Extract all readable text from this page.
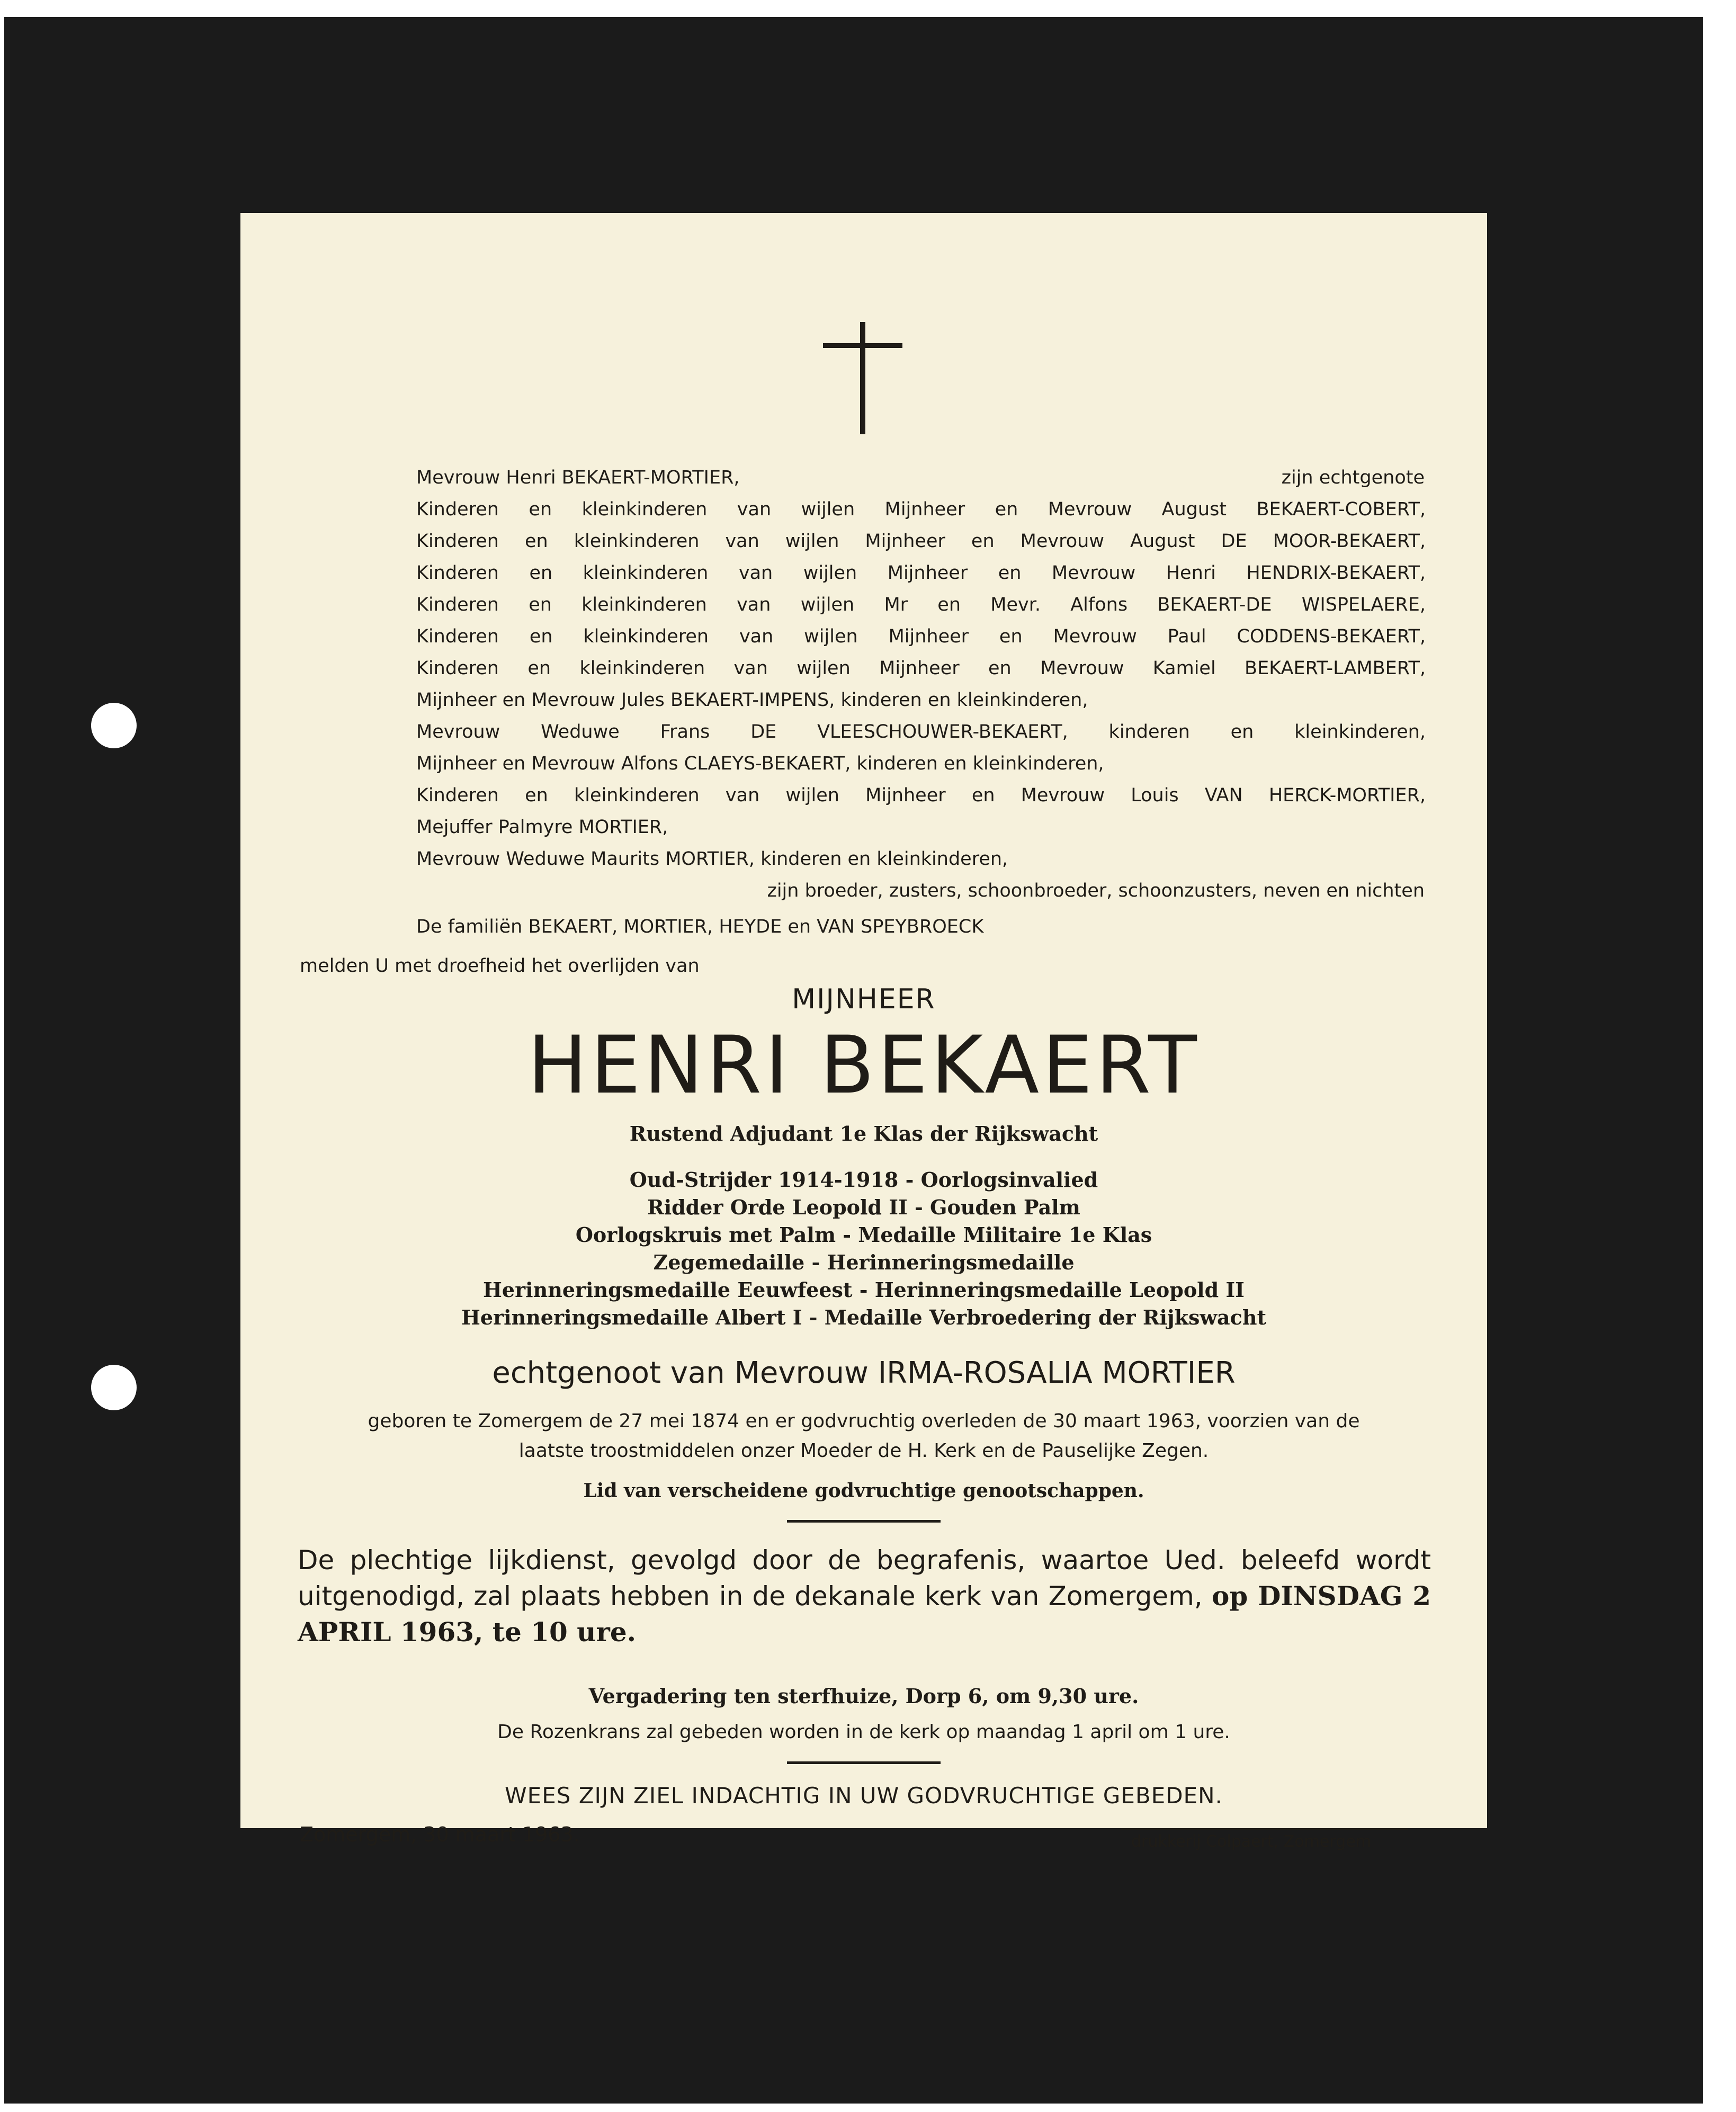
Mevrouw Henri BEKAERT-MORTIER,	zijn echtgenote
Kinderen en kleinkinderen van wijlen Mijnheer en Mevrouw August BEKAERT-COBERT,
Kinderen en kleinkinderen van wijlen Mijnheer en Mevrouw August DE MOOR-BEKAERT,
Kinderen en kleinkinderen van wijlen Mijnheer en Mevrouw Henri HENDRIX-BEKAERT,
Kinderen en kleinkinderen van wijlen Mr en Mevr. Alfons BEKAERT-DE WISPELAERE,
Kinderen en kleinkinderen van wijlen Mijnheer en Mevrouw Paul CODDENS-BEKAERT,
Kinderen en kleinkinderen van wijlen Mijnheer en Mevrouw Kamiel BEKAERT-LAMBERT,
Mijnheer en Mevrouw Jules BEKAERT-IMPENS, kinderen en kleinkinderen,
Mevrouw Weduwe Frans DE VLEESCHOUWER-BEKAERT, kinderen en kleinkinderen,
Mijnheer en Mevrouw Alfons CLAEYS-BEKAERT, kinderen en kleinkinderen,
Kinderen en kleinkinderen van wijlen Mijnheer en Mevrouw Louis VAN HERCK-MORTIER,
Mejuffer Palmyre MORTIER,
Mevrouw Weduwe Maurits MORTIER, kinderen en kleinkinderen,
zijn broeder, zusters, schoonbroeder, schoonzusters, neven en nichten
De familiën BEKAERT, MORTIER, HEYDE en VAN SPEYBROECK
melden U met droefheid het overlijden van
MIJNHEER
HENRI BEKAERT
Rustend Adjudant 1e Klas der Rijkswacht
Oud-Strijder 1914-1918 - Oorlogsinvalied
Ridder Orde Leopold II - Gouden Palm
Oorlogskruis met Palm - Medaille Militaire 1e Klas
Zegemedaille - Herinneringsmedaille
Herinneringsmedaille Eeuwfeest - Herinneringsmedaille Leopold II
Herinneringsmedaille Albert I - Medaille Verbroedering der Rijkswacht
echtgenoot van Mevrouw IRMA-ROSALIA MORTIER
geboren te Zomergem de 27 mei 1874 en er godvruchtig overleden de 30 maart 1963, voorzien van de
laatste troostmiddelen onzer Moeder de H. Kerk en de Pauselijke Zegen.
Lid van verscheidene godvruchtige genootschappen.
De plechtige lijkdienst, gevolgd door de begrafenis, waartoe Ued. beleefd wordt uitgenodigd, zal plaats hebben in de dekanale kerk van Zomergem, op DINSDAG 2 APRIL 1963, te 10 ure.
Vergadering ten sterfhuize, Dorp 6, om 9,30 ure.
De Rozenkrans zal gebeden worden in de kerk op maandag 1 april om 1 ure.
WEES ZIJN ZIEL INDACHTIG IN UW GODVRUCHTIGE GEBEDEN.
Zomergem, 30 maart 1963.	drukkerij Colpaert, Zomergem
